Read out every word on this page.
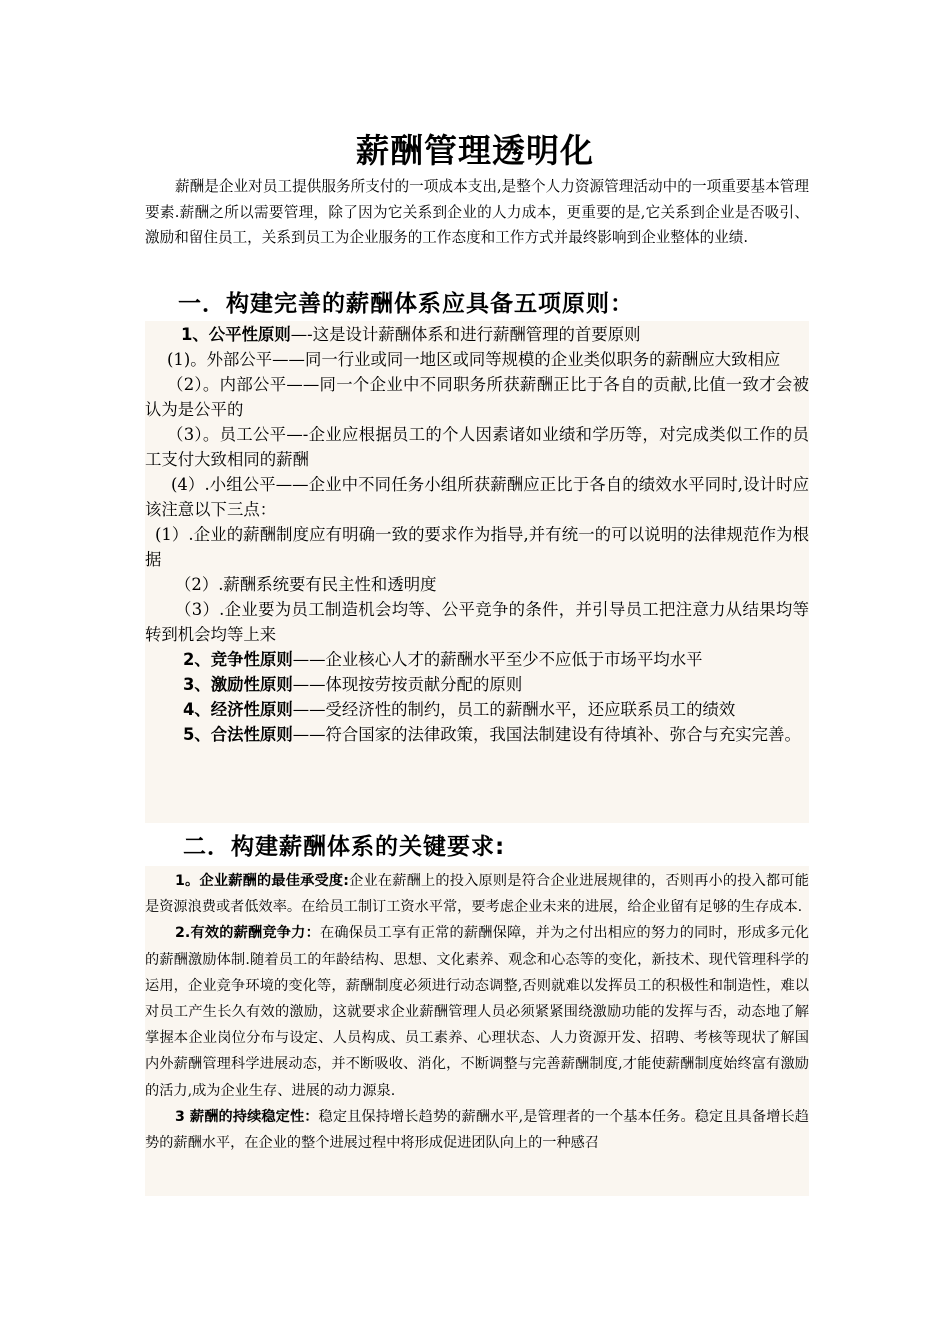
薪酬管理透明化

薪酬是企业对员工提供服务所支付的一项成本支出,是整个人力资源管理活动中的一项重要基本管理要素.薪酬之所以需要管理，除了因为它关系到企业的人力成本，更重要的是,它关系到企业是否吸引、激励和留住员工，关系到员工为企业服务的工作态度和工作方式并最终影响到企业整体的业绩.

一．构建完善的薪酬体系应具备五项原则：

1、公平性原则—-这是设计薪酬体系和进行薪酬管理的首要原则

(1)。外部公平——同一行业或同一地区或同等规模的企业类似职务的薪酬应大致相应

（2）。内部公平——同一个企业中不同职务所获薪酬正比于各自的贡献,比值一致才会被认为是公平的

（3）。员工公平—-企业应根据员工的个人因素诸如业绩和学历等，对完成类似工作的员工支付大致相同的薪酬

(4）.小组公平——企业中不同任务小组所获薪酬应正比于各自的绩效水平同时,设计时应该注意以下三点：

(1）.企业的薪酬制度应有明确一致的要求作为指导,并有统一的可以说明的法律规范作为根据

（2）.薪酬系统要有民主性和透明度

（3）.企业要为员工制造机会均等、公平竞争的条件，并引导员工把注意力从结果均等转到机会均等上来

2、竞争性原则——企业核心人才的薪酬水平至少不应低于市场平均水平

3、激励性原则——体现按劳按贡献分配的原则

4、经济性原则——受经济性的制约，员工的薪酬水平，还应联系员工的绩效

5、合法性原则——符合国家的法律政策，我国法制建设有待填补、弥合与充实完善。

二．构建薪酬体系的关键要求:

1。企业薪酬的最佳承受度:企业在薪酬上的投入原则是符合企业进展规律的，否则再小的投入都可能是资源浪费或者低效率。在给员工制订工资水平常，要考虑企业未来的进展，给企业留有足够的生存成本.

2.有效的薪酬竞争力：在确保员工享有正常的薪酬保障，并为之付出相应的努力的同时，形成多元化的薪酬激励体制.随着员工的年龄结构、思想、文化素养、观念和心态等的变化，新技术、现代管理科学的运用，企业竞争环境的变化等，薪酬制度必须进行动态调整,否则就难以发挥员工的积极性和制造性，难以对员工产生长久有效的激励，这就要求企业薪酬管理人员必须紧紧围绕激励功能的发挥与否，动态地了解掌握本企业岗位分布与设定、人员构成、员工素养、心理状态、人力资源开发、招聘、考核等现状了解国内外薪酬管理科学进展动态，并不断吸收、消化，不断调整与完善薪酬制度,才能使薪酬制度始终富有激励的活力,成为企业生存、进展的动力源泉.

3 薪酬的持续稳定性：稳定且保持增长趋势的薪酬水平,是管理者的一个基本任务。稳定且具备增长趋势的薪酬水平，在企业的整个进展过程中将形成促进团队向上的一种感召
